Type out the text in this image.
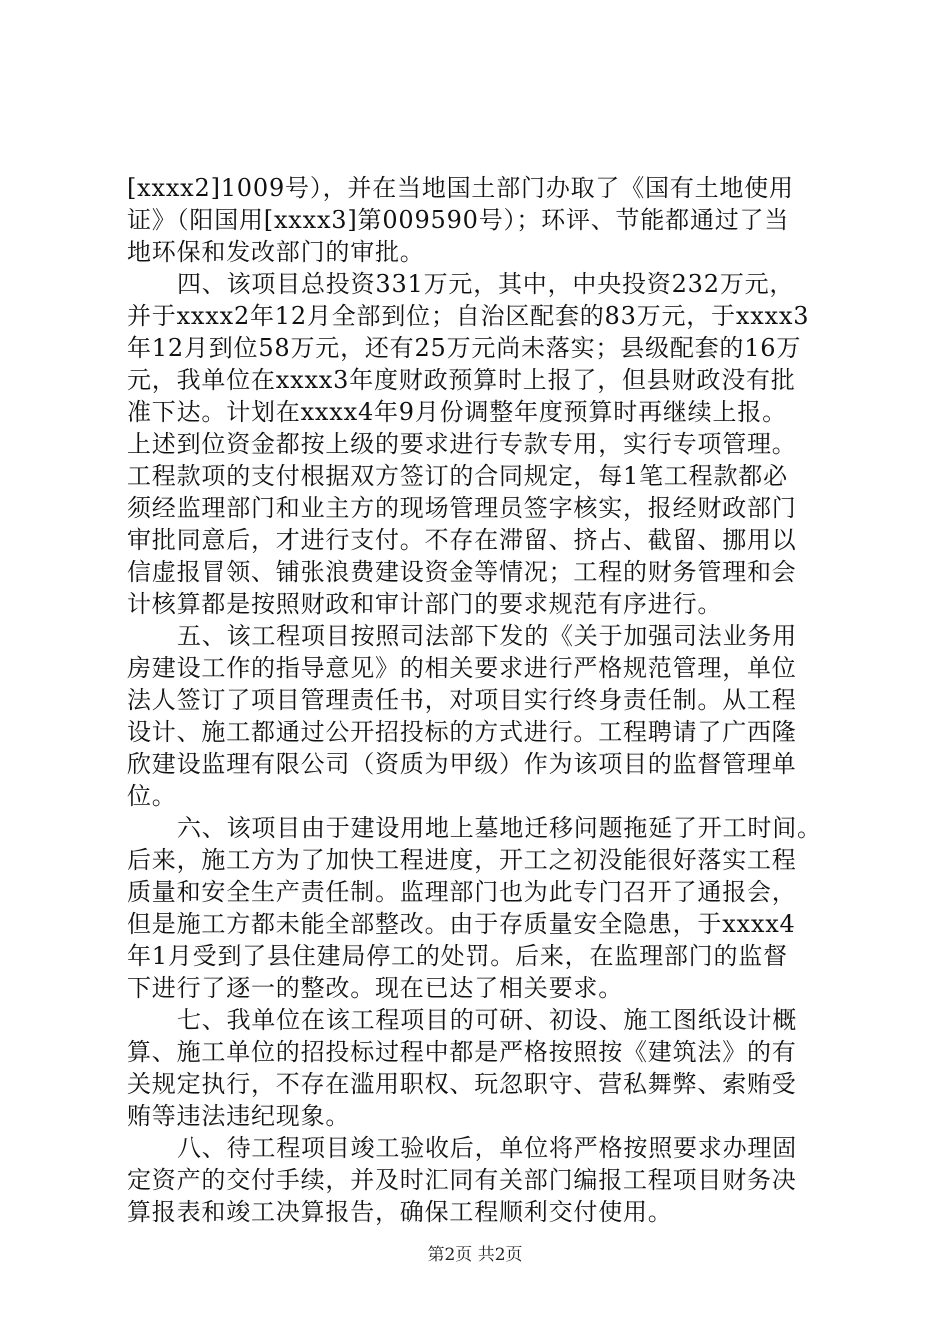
[xxxx2]1009号），并在当地国土部门办取了《国有土地使用
证》（阳国用[xxxx3]第009590号）；环评、节能都通过了当
地环保和发改部门的审批。
四、该项目总投资331万元，其中，中央投资232万元，
并于xxxx2年12月全部到位；自治区配套的83万元，于xxxx3
年12月到位58万元，还有25万元尚未落实；县级配套的16万
元，我单位在xxxx3年度财政预算时上报了，但县财政没有批
准下达。计划在xxxx4年9月份调整年度预算时再继续上报。
上述到位资金都按上级的要求进行专款专用，实行专项管理。
工程款项的支付根据双方签订的合同规定，每1笔工程款都必
须经监理部门和业主方的现场管理员签字核实，报经财政部门
审批同意后，才进行支付。不存在滞留、挤占、截留、挪用以
信虚报冒领、铺张浪费建设资金等情况；工程的财务管理和会
计核算都是按照财政和审计部门的要求规范有序进行。
五、该工程项目按照司法部下发的《关于加强司法业务用
房建设工作的指导意见》的相关要求进行严格规范管理，单位
法人签订了项目管理责任书，对项目实行终身责任制。从工程
设计、施工都通过公开招投标的方式进行。工程聘请了广西隆
欣建设监理有限公司（资质为甲级）作为该项目的监督管理单
位。
六、该项目由于建设用地上墓地迁移问题拖延了开工时间。
后来，施工方为了加快工程进度，开工之初没能很好落实工程
质量和安全生产责任制。监理部门也为此专门召开了通报会，
但是施工方都未能全部整改。由于存质量安全隐患，于xxxx4
年1月受到了县住建局停工的处罚。后来，在监理部门的监督
下进行了逐一的整改。现在已达了相关要求。
七、我单位在该工程项目的可研、初设、施工图纸设计概
算、施工单位的招投标过程中都是严格按照按《建筑法》的有
关规定执行，不存在滥用职权、玩忽职守、营私舞弊、索贿受
贿等违法违纪现象。
八、待工程项目竣工验收后，单位将严格按照要求办理固
定资产的交付手续，并及时汇同有关部门编报工程项目财务决
算报表和竣工决算报告，确保工程顺利交付使用。
第2页 共2页
